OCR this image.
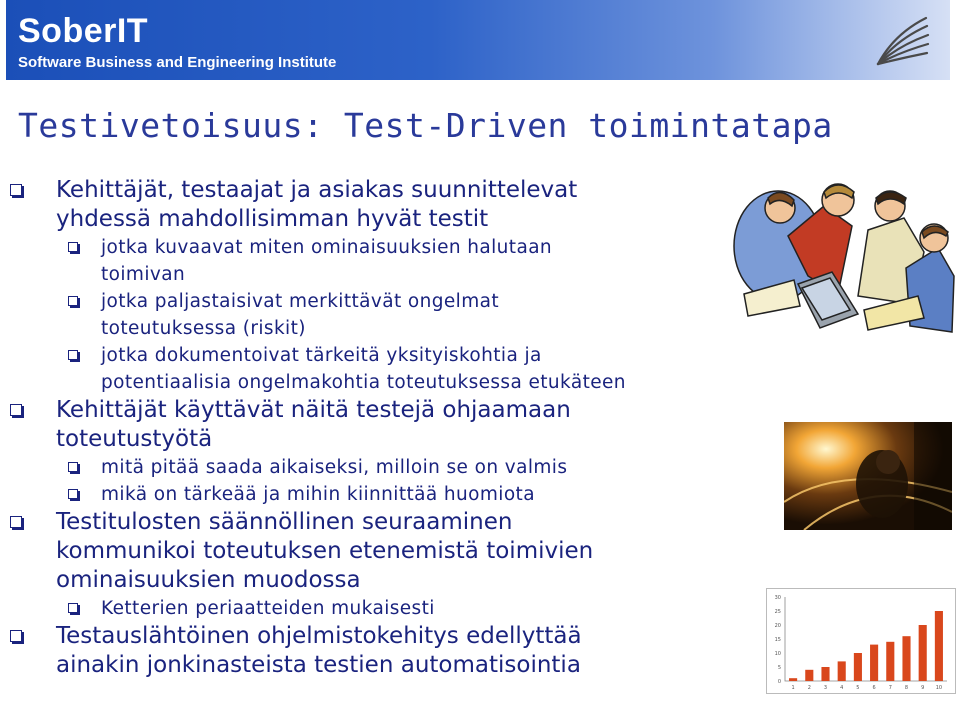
SoberIT
Software Business and Engineering Institute
Testivetoisuus: Test-Driven toimintatapa
Kehittäjät, testaajat ja asiakas suunnittelevat
yhdessä mahdollisimman hyvät testit
jotka kuvaavat miten ominaisuuksien halutaan
toimivan
jotka paljastaisivat merkittävät ongelmat
toteutuksessa (riskit)
jotka dokumentoivat tärkeitä yksityiskohtia ja
potentiaalisia ongelmakohtia toteutuksessa etukäteen
Kehittäjät käyttävät näitä testejä ohjaamaan
toteutustyötä
mitä pitää saada aikaiseksi, milloin se on valmis
mikä on tärkeää ja mihin kiinnittää huomiota
Testitulosten säännöllinen seuraaminen
kommunikoi toteutuksen etenemistä toimivien
ominaisuuksien muodossa
Ketterien periaatteiden mukaisesti
Testauslähtöinen ohjelmistokehitys edellyttää
ainakin jonkinasteista testien automatisointia
0
5
10
15
20
25
30
1	2	3	4	5	6	7	8	9 10
